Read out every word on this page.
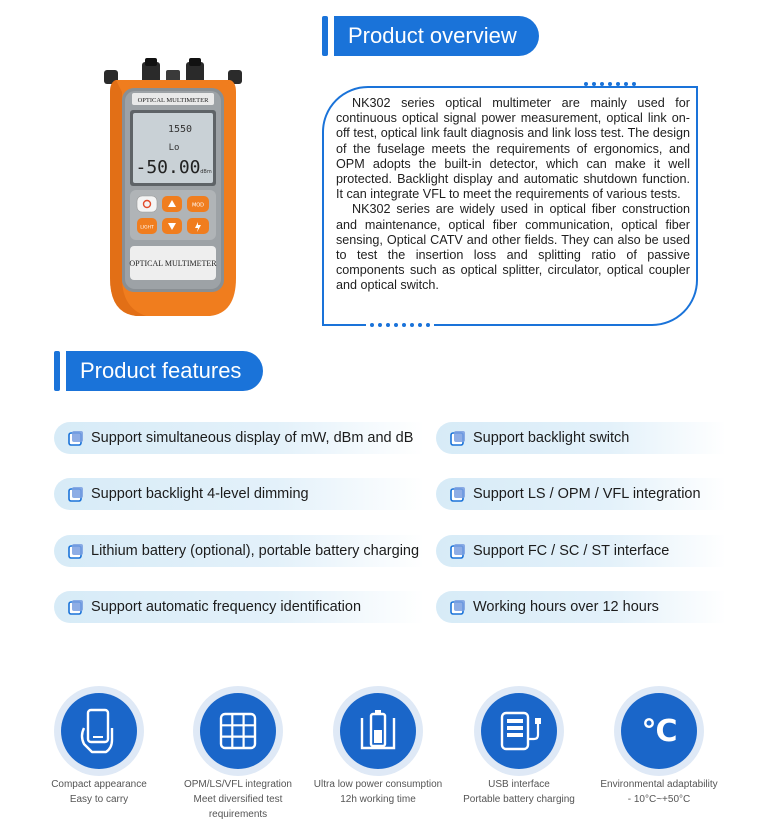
Product overview
OPTICAL MULTIMETER
1550
Lo
-50.00 dBm
MOD
LIGHT
OPTICAL MULTIMETER

NK302 series optical multimeter are mainly used for continuous optical signal power measurement, optical link on-off test, optical link fault diagnosis and link loss test. The design of the fuselage meets the requirements of ergonomics, and OPM adopts the built-in detector, which can make it well protected. Backlight display and automatic shutdown function. It can integrate VFL to meet the requirements of various tests.

NK302 series are widely used in optical fiber construction and maintenance, optical fiber communication, optical fiber sensing, Optical CATV and other fields. They can also be used to test the insertion loss and splitting ratio of passive components such as optical splitter, circulator, optical coupler and optical switch.

Product features
Support simultaneous display of mW, dBm and dB
Support backlight 4-level dimming
Lithium battery (optional), portable battery charging
Support automatic frequency identification
Support backlight switch
Support LS / OPM / VFL integration
Support FC / SC / ST interface
Working hours over 12 hours
°C
Compact appearance
Easy to carry
OPM/LS/VFL integration
Meet diversified test requirements
Ultra low power consumption
12h working time
USB interface
Portable battery charging
Environmental adaptability
- 10°C~+50°C
